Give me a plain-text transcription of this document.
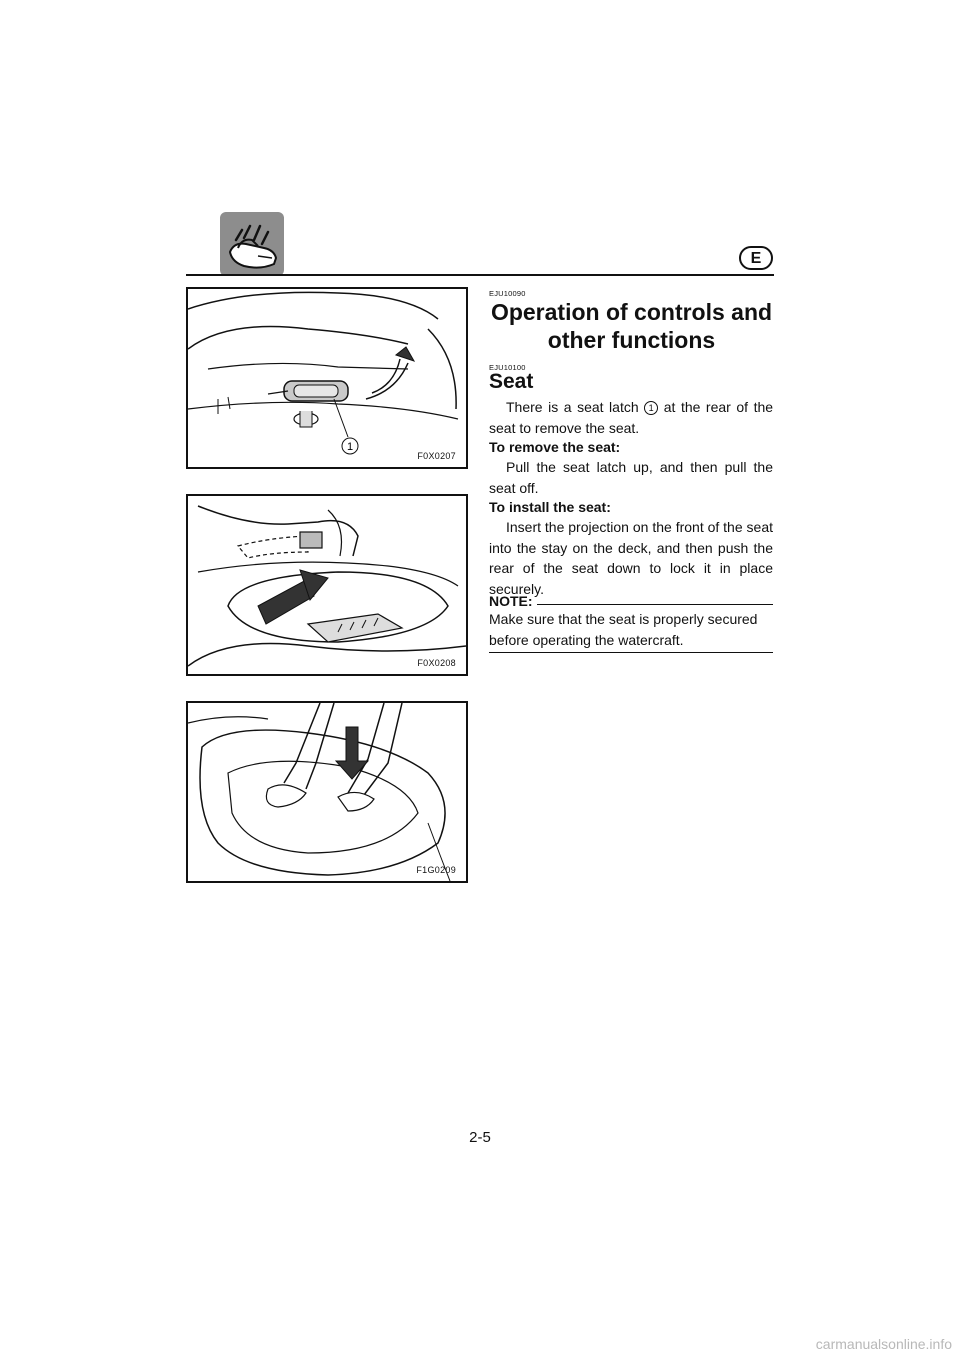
E
1
F0X0207
F0X0208
F1G0209
EJU10090
Operation of controls and
other functions
EJU10100
Seat
There is a seat latch 1 at the rear of the seat to remove the seat.
To remove the seat:
Pull the seat latch up, and then pull the seat off.
To install the seat:
Insert the projection on the front of the seat into the stay on the deck, and then push the rear of the seat down to lock it in place securely.
NOTE:
Make sure that the seat is properly secured before operating the watercraft.
2-5
carmanualsonline.info
